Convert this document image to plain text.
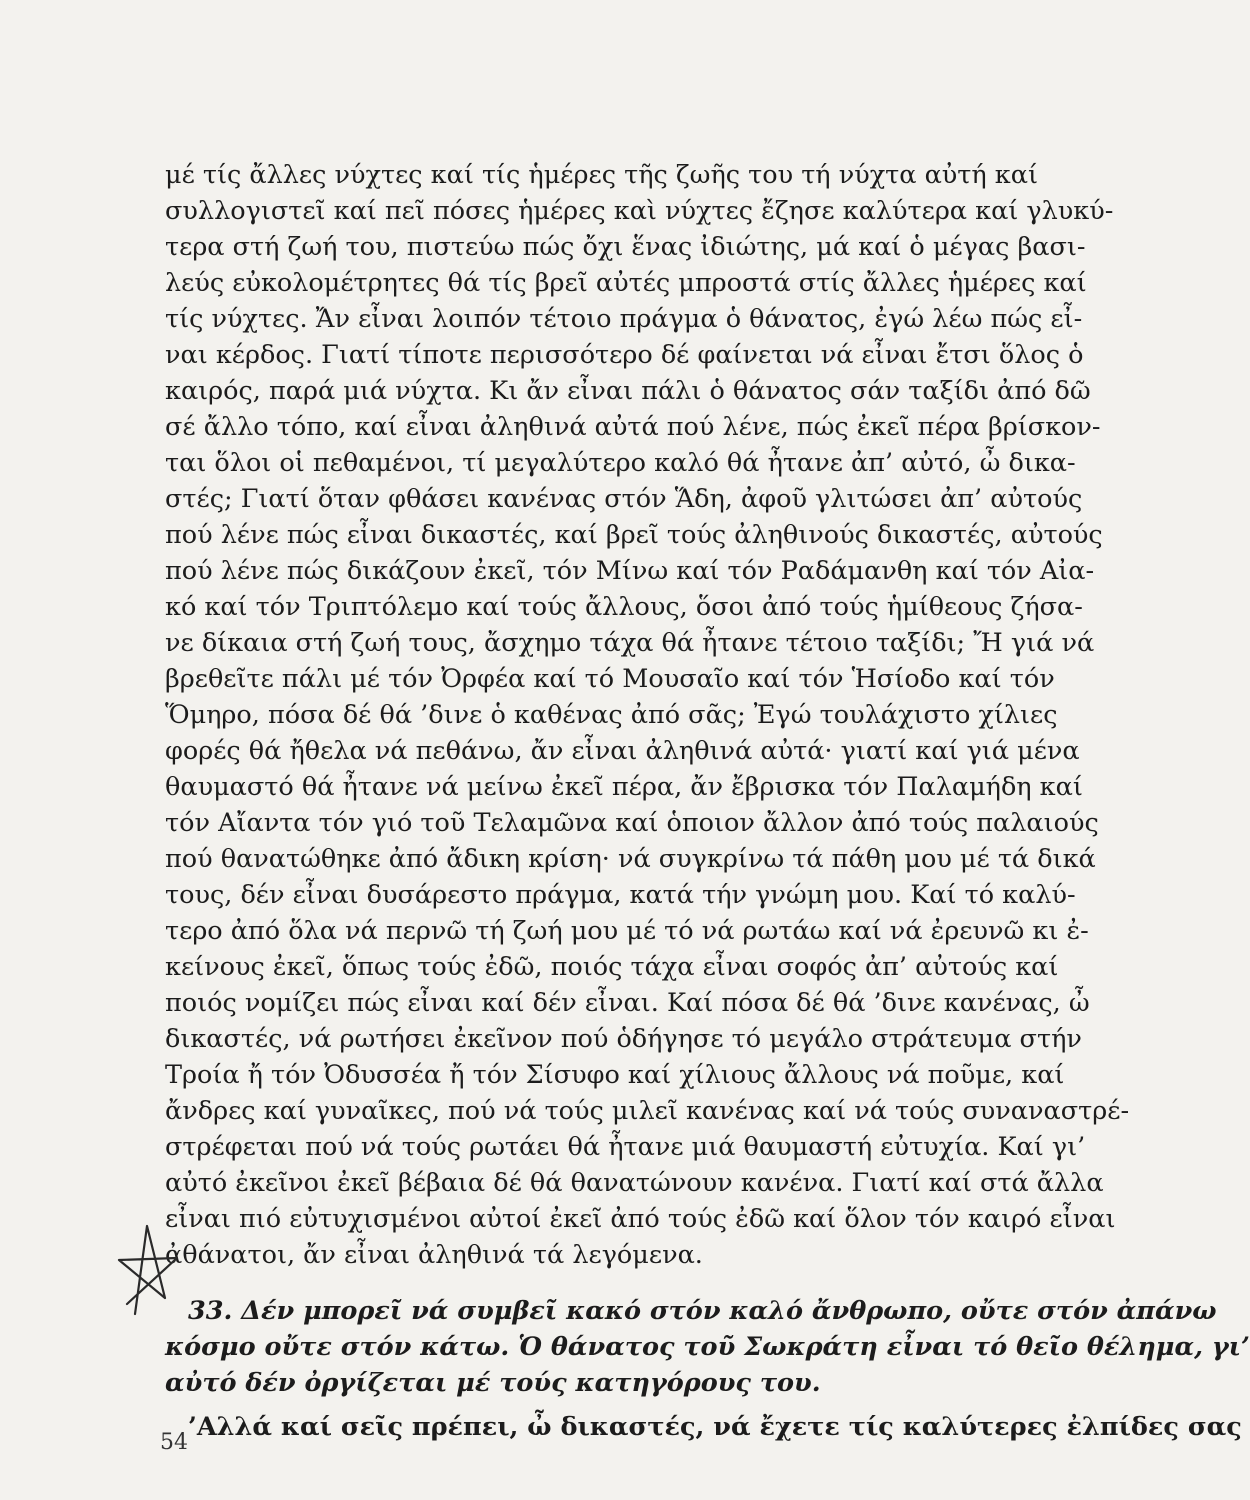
μέ τίς ἄλλες νύχτες καί τίς ἡμέρες τῆς ζωῆς του τή νύχτα αὐτή καί
συλλογιστεῖ καί πεῖ πόσες ἡμέρες καὶ νύχτες ἔζησε καλύτερα καί γλυκύ-
τερα στή ζωή του, πιστεύω πώς ὄχι ἕνας ἰδιώτης, μά καί ὁ μέγας βασι-
λεύς εὐκολομέτρητες θά τίς βρεῖ αὐτές μπροστά στίς ἄλλες ἡμέρες καί
τίς νύχτες. Ἄν εἶναι λοιπόν τέτοιο πράγμα ὁ θάνατος, ἐγώ λέω πώς εἶ-
ναι κέρδος. Γιατί τίποτε περισσότερο δέ φαίνεται νά εἶναι ἔτσι ὅλος ὁ
καιρός, παρά μιά νύχτα. Κι ἄν εἶναι πάλι ὁ θάνατος σάν ταξίδι ἀπό δῶ
σέ ἄλλο τόπο, καί εἶναι ἀληθινά αὐτά πού λένε, πώς ἐκεῖ πέρα βρίσκον-
ται ὅλοι οἱ πεθαμένοι, τί μεγαλύτερο καλό θά ἦτανε ἀπ’ αὐτό, ὦ δικα-
στές; Γιατί ὅταν φθάσει κανένας στόν Ἅδη, ἀφοῦ γλιτώσει ἀπ’ αὐτούς
πού λένε πώς εἶναι δικαστές, καί βρεῖ τούς ἀληθινούς δικαστές, αὐτούς
πού λένε πώς δικάζουν ἐκεῖ, τόν Μίνω καί τόν Ραδάμανθη καί τόν Αἰα-
κό καί τόν Τριπτόλεμο καί τούς ἄλλους, ὅσοι ἀπό τούς ἡμίθεους ζήσα-
νε δίκαια στή ζωή τους, ἄσχημο τάχα θά ἦτανε τέτοιο ταξίδι; Ἤ γιά νά
βρεθεῖτε πάλι μέ τόν Ὀρφέα καί τό Μουσαῖο καί τόν Ἡσίοδο καί τόν
Ὅμηρο, πόσα δέ θά ’δινε ὁ καθένας ἀπό σᾶς; Ἐγώ τουλάχιστο χίλιες
φορές θά ἤθελα νά πεθάνω, ἄν εἶναι ἀληθινά αὐτά· γιατί καί γιά μένα
θαυμαστό θά ἦτανε νά μείνω ἐκεῖ πέρα, ἄν ἔβρισκα τόν Παλαμήδη καί
τόν Αἴαντα τόν γιό τοῦ Τελαμῶνα καί ὁποιον ἄλλον ἀπό τούς παλαιούς
πού θανατώθηκε ἀπό ἄδικη κρίση· νά συγκρίνω τά πάθη μου μέ τά δικά
τους, δέν εἶναι δυσάρεστο πράγμα, κατά τήν γνώμη μου. Καί τό καλύ-
τερο ἀπό ὅλα νά περνῶ τή ζωή μου μέ τό νά ρωτάω καί νά ἐρευνῶ κι ἐ-
κείνους ἐκεῖ, ὅπως τούς ἐδῶ, ποιός τάχα εἶναι σοφός ἀπ’ αὐτούς καί
ποιός νομίζει πώς εἶναι καί δέν εἶναι. Καί πόσα δέ θά ’δινε κανένας, ὦ
δικαστές, νά ρωτήσει ἐκεῖνον πού ὁδήγησε τό μεγάλο στράτευμα στήν
Τροία ἤ τόν Ὀδυσσέα ἤ τόν Σίσυφο καί χίλιους ἄλλους νά ποῦμε, καί
ἄνδρες καί γυναῖκες, πού νά τούς μιλεῖ κανένας καί νά τούς συναναστρέ-
στρέφεται πού νά τούς ρωτάει θά ἦτανε μιά θαυμαστή εὐτυχία. Καί γι’
αὐτό ἐκεῖνοι ἐκεῖ βέβαια δέ θά θανατώνουν κανένα. Γιατί καί στά ἄλλα
εἶναι πιό εὐτυχισμένοι αὐτοί ἐκεῖ ἀπό τούς ἐδῶ καί ὅλον τόν καιρό εἶναι
ἀθάνατοι, ἄν εἶναι ἀληθινά τά λεγόμενα.
33. Δέν μπορεῖ νά συμβεῖ κακό στόν καλό ἄνθρωπο, οὔτε στόν ἀπάνω
κόσμο οὔτε στόν κάτω. Ὁ θάνατος τοῦ Σωκράτη εἶναι τό θεῖο θέλημα, γι’
αὐτό δέν ὀργίζεται μέ τούς κατηγόρους του.
’Αλλά καί σεῖς πρέπει, ὦ δικαστές, νά ἔχετε τίς καλύτερες ἐλπίδες σας
54
